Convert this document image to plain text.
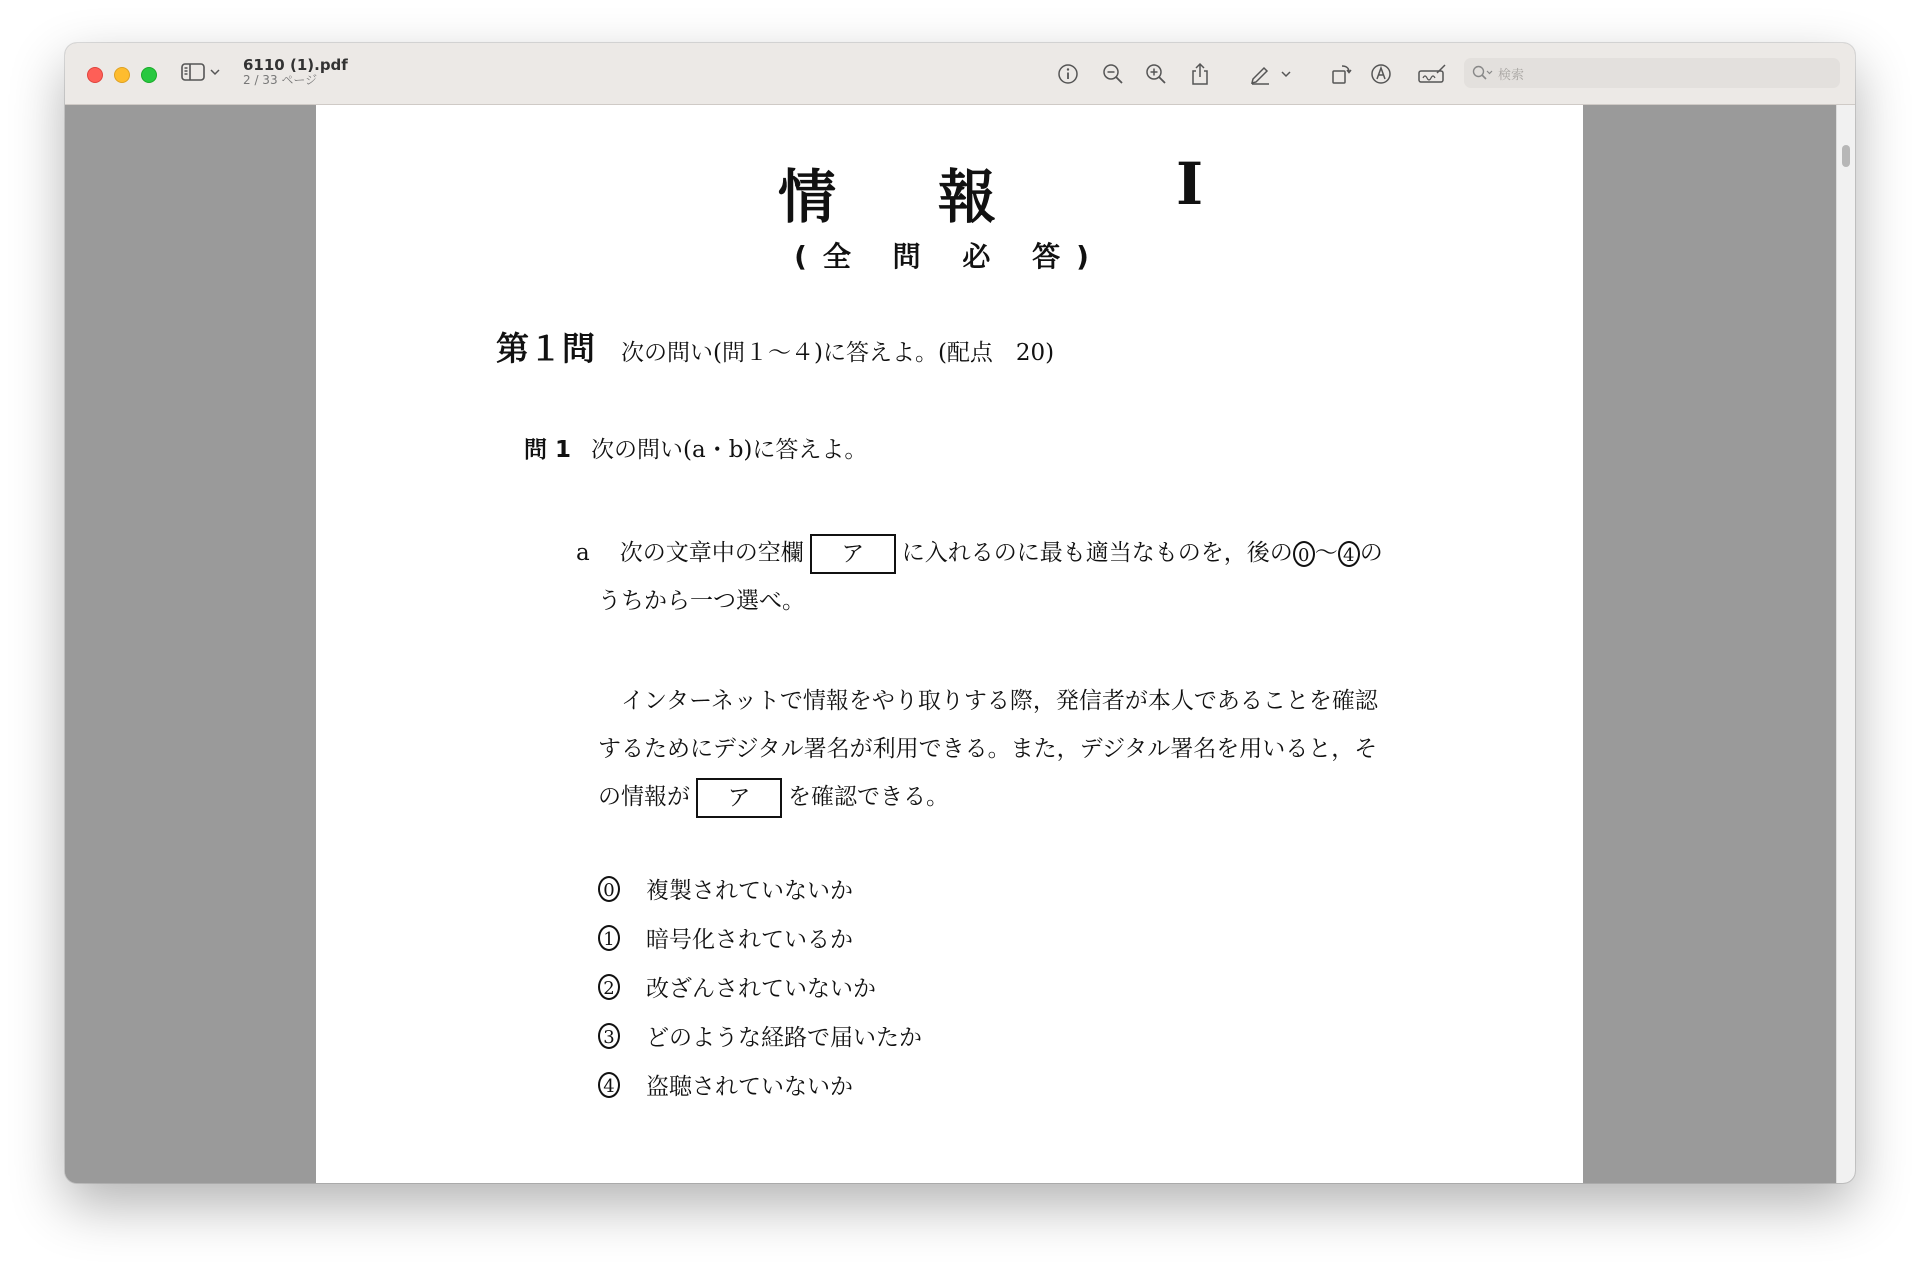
6110 (1).pdf
2 / 33 ページ	検索
情 報	I
(全 問 必 答)
第１問 次の問い(問１〜４)に答えよ。(配点　20)
問 1 次の問い(a・b)に答えよ。
a 次の文章中の空欄 ア に入れるのに最も適当なものを，後の 0 〜 4 の
うちから一つ選べ。
　インターネットで情報をやり取りする際，発信者が本人であることを確認
するためにデジタル署名が利用できる。また，デジタル署名を用いると，そ
の情報が ア を確認できる。
0 複製されていないか
1 暗号化されているか
2 改ざんされていないか
3 どのような経路で届いたか
4 盗聴されていないか
